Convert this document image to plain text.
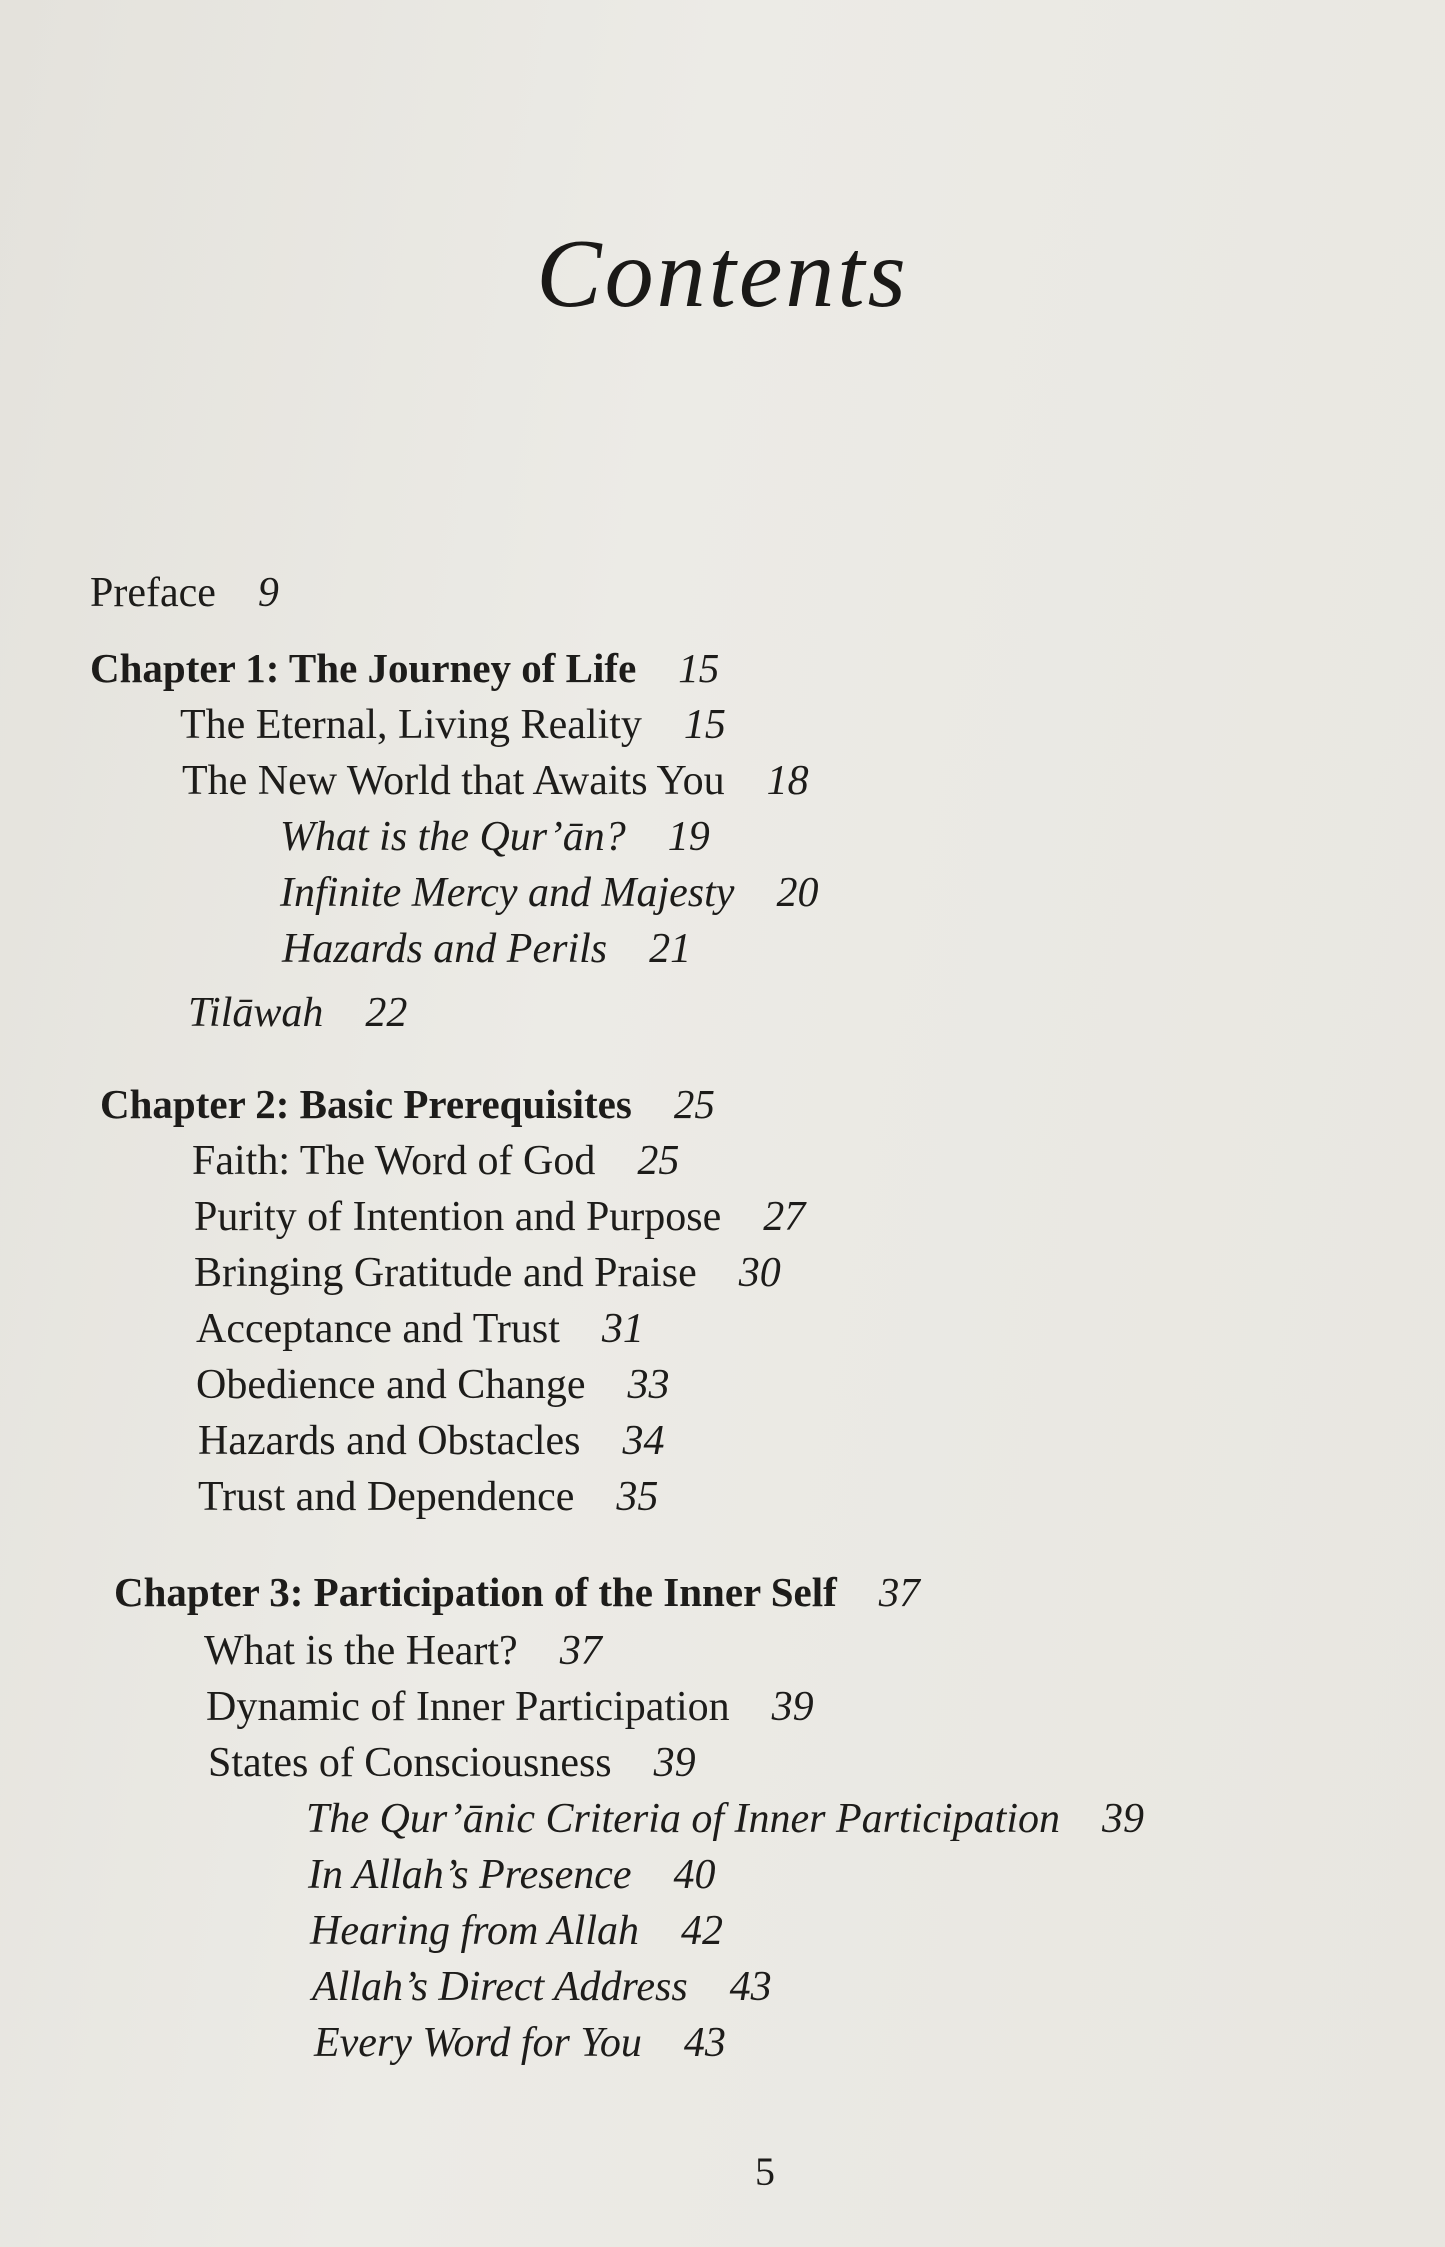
Contents
Preface 9
Chapter 1: The Journey of Life 15
The Eternal, Living Reality 15
The New World that Awaits You 18
What is the Qur’ān? 19
Infinite Mercy and Majesty 20
Hazards and Perils 21
Tilāwah 22
Chapter 2: Basic Prerequisites 25
Faith: The Word of God 25
Purity of Intention and Purpose 27
Bringing Gratitude and Praise 30
Acceptance and Trust 31
Obedience and Change 33
Hazards and Obstacles 34
Trust and Dependence 35
Chapter 3: Participation of the Inner Self 37
What is the Heart? 37
Dynamic of Inner Participation 39
States of Consciousness 39
The Qur’ānic Criteria of Inner Participation 39
In Allah’s Presence 40
Hearing from Allah 42
Allah’s Direct Address 43
Every Word for You 43
5
